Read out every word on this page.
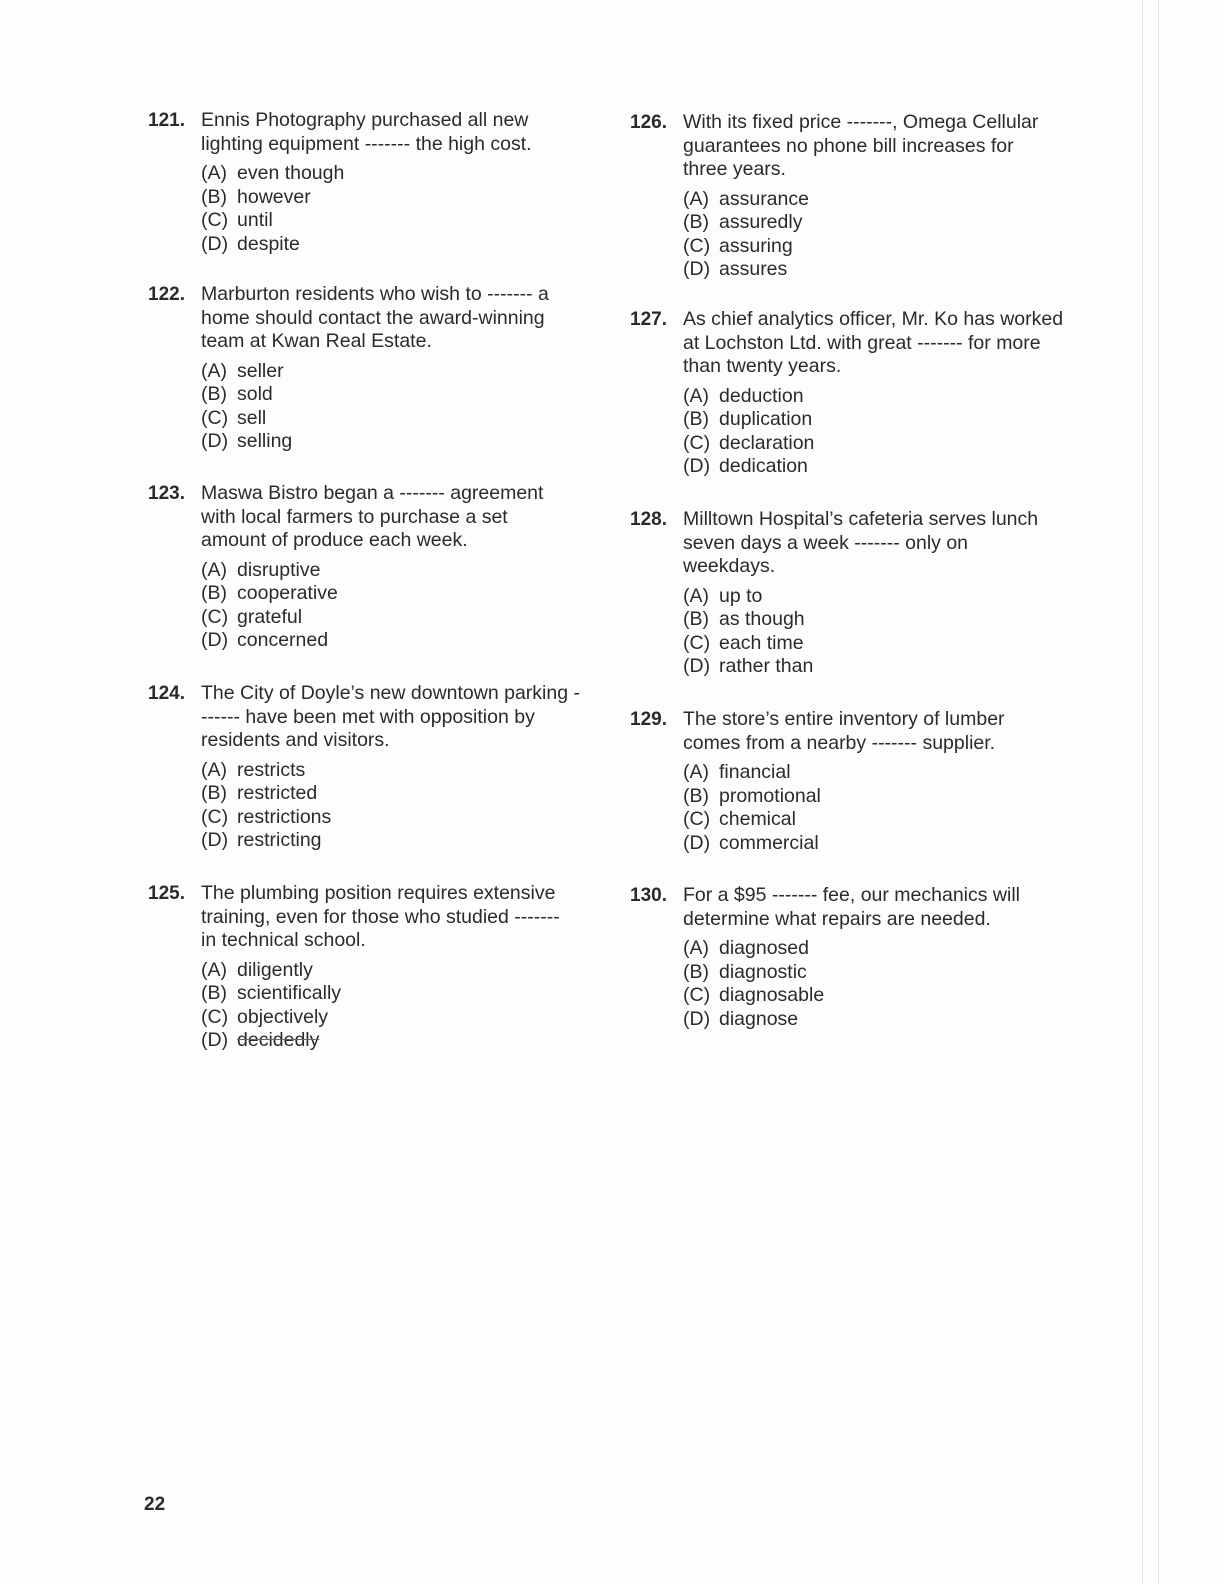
121. Ennis Photography purchased all new lighting equipment ------- the high cost.

(A) even though

(B) however

(C) until

(D) despite

122. Marburton residents who wish to ------- a home should contact the award-winning team at Kwan Real Estate.

(A) seller

(B) sold

(C) sell

(D) selling

123. Maswa Bistro began a ------- agreement with local farmers to purchase a set amount of produce each week.

(A) disruptive

(B) cooperative

(C) grateful

(D) concerned

124. The City of Doyle’s new downtown parking ------- have been met with opposition by residents and visitors.

(A) restricts

(B) restricted

(C) restrictions

(D) restricting

125. The plumbing position requires extensive training, even for those who studied ------- in technical school.

(A) diligently

(B) scientifically

(C) objectively

(D) decidedly

126. With its fixed price -------, Omega Cellular guarantees no phone bill increases for three years.

(A) assurance

(B) assuredly

(C) assuring

(D) assures

127. As chief analytics officer, Mr. Ko has worked at Lochston Ltd. with great ------- for more than twenty years.

(A) deduction

(B) duplication

(C) declaration

(D) dedication

128. Milltown Hospital’s cafeteria serves lunch seven days a week ------- only on weekdays.

(A) up to

(B) as though

(C) each time

(D) rather than

129. The store’s entire inventory of lumber comes from a nearby ------- supplier.

(A) financial

(B) promotional

(C) chemical

(D) commercial

130. For a $95 ------- fee, our mechanics will determine what repairs are needed.

(A) diagnosed

(B) diagnostic

(C) diagnosable

(D) diagnose

22
